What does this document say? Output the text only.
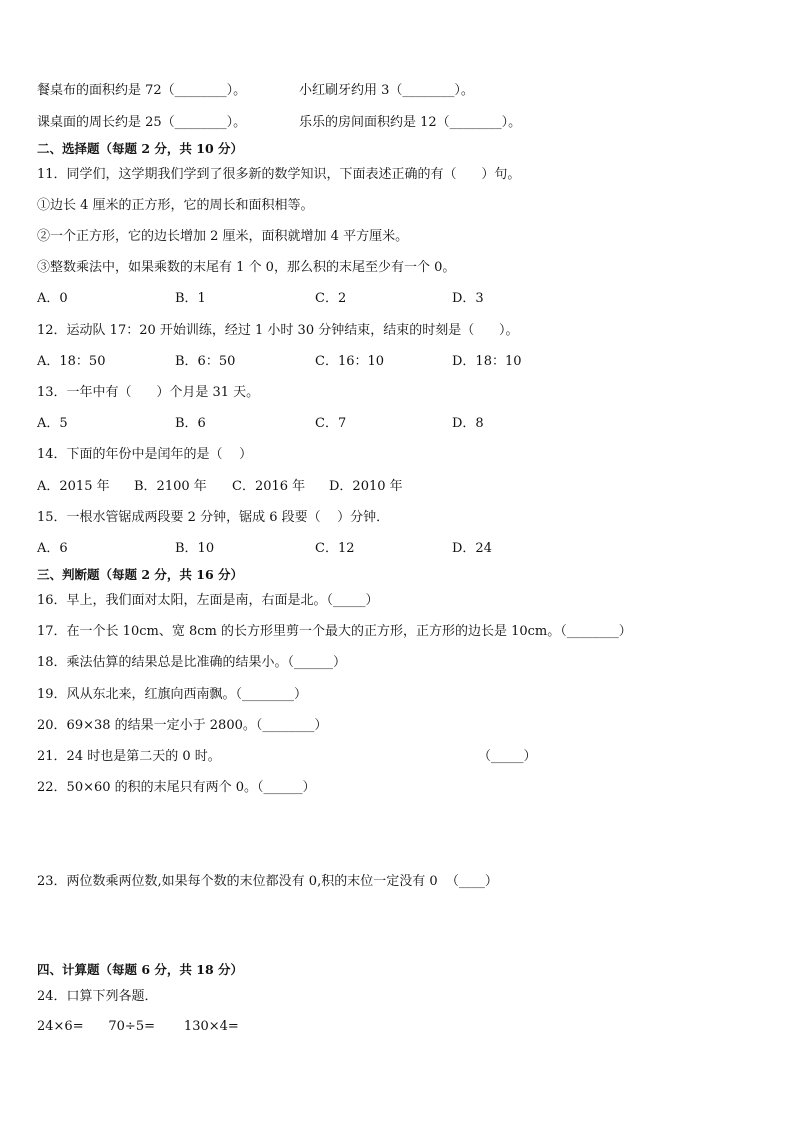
餐桌布的面积约是 72（________）。	小红刷牙约用 3（________）。
课桌面的周长约是 25（________）。	乐乐的房间面积约是 12（________）。
二、选择题（每题 2 分，共 10 分）
11．同学们，这学期我们学到了很多新的数学知识，下面表述正确的有（      ）句。
①边长 4 厘米的正方形，它的周长和面积相等。
②一个正方形，它的边长增加 2 厘米，面积就增加 4 平方厘米。
③整数乘法中，如果乘数的末尾有 1 个 0，那么积的末尾至少有一个 0。
A．0	B．1	C．2	D．3
12．运动队 17：20 开始训练，经过 1 小时 30 分钟结束，结束的时刻是（      ）。
A．18：50	B．6：50	C．16：10	D．18：10
13．一年中有（      ）个月是 31 天。
A．5	B．6	C．7	D．8
14．下面的年份中是闰年的是（    ）
A．2015 年 B．2100 年 C．2016 年 D．2010 年
15．一根水管锯成两段要 2 分钟，锯成 6 段要（    ）分钟．
A．6	B．10	C．12	D．24
三、判断题（每题 2 分，共 16 分）
16．早上，我们面对太阳，左面是南，右面是北。（_____）
17．在一个长 10cm、宽 8cm 的长方形里剪一个最大的正方形，正方形的边长是 10cm。（________）
18．乘法估算的结果总是比准确的结果小。（______）
19．风从东北来，红旗向西南飘。（________）
20．69×38 的结果一定小于 2800。（________）
21．24 时也是第二天的 0 时。	（_____）
22．50×60 的积的末尾只有两个 0。（______）
23．两位数乘两位数,如果每个数的末位都没有 0,积的末位一定没有 0  （____）
四、计算题（每题 6 分，共 18 分）
24．口算下列各题．
24×6=      70÷5=       130×4=
